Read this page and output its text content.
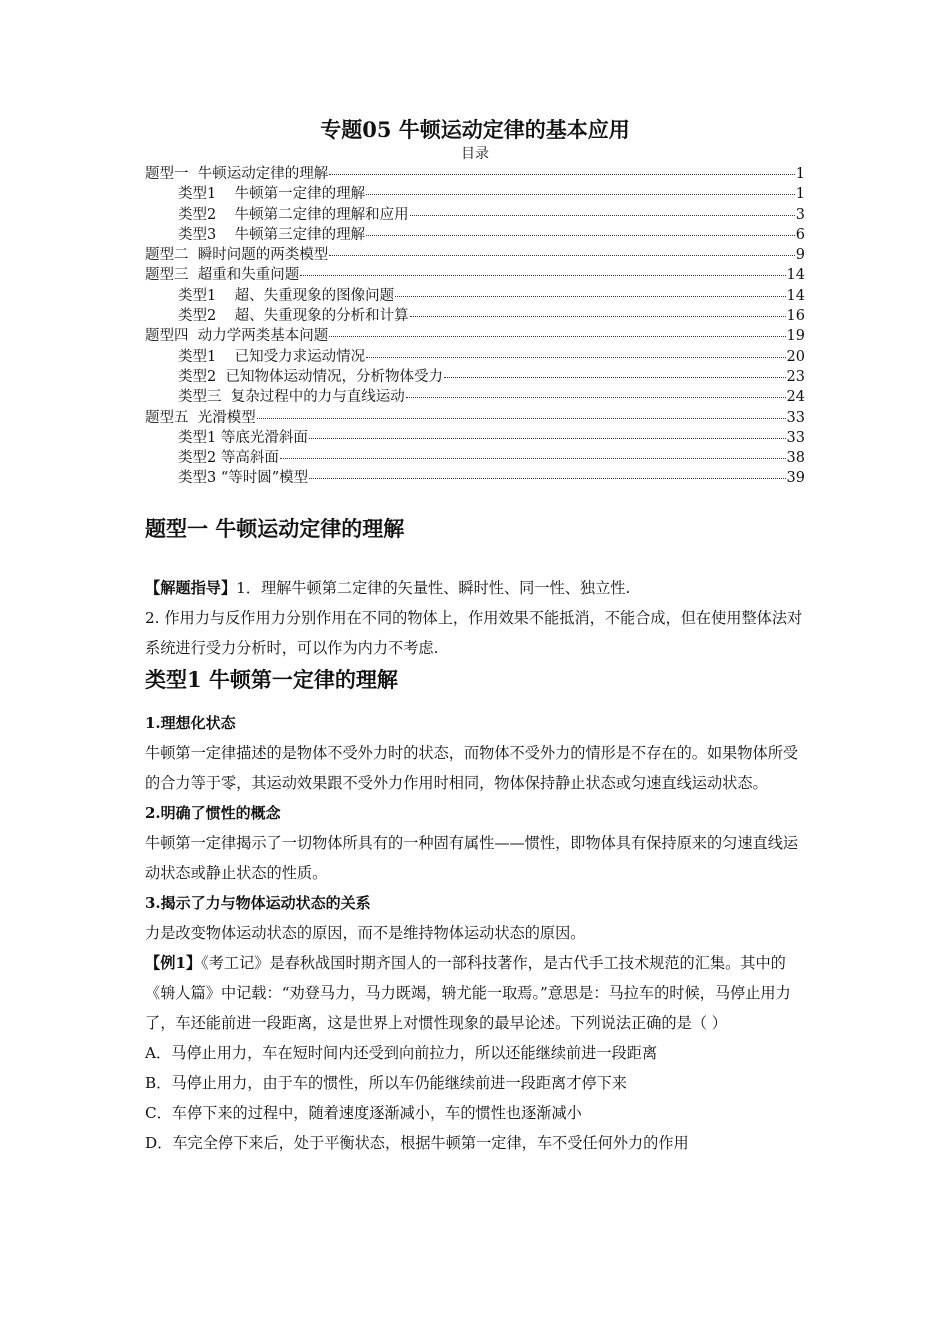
专题05 牛顿运动定律的基本应用
目录
题型一  牛顿运动定律的理解	1
类型1    牛顿第一定律的理解	1
类型2    牛顿第二定律的理解和应用	3
类型3    牛顿第三定律的理解	6
题型二  瞬时问题的两类模型	9
题型三  超重和失重问题	14
类型1    超、失重现象的图像问题	14
类型2    超、失重现象的分析和计算	16
题型四  动力学两类基本问题	19
类型1    已知受力求运动情况	20
类型2  已知物体运动情况，分析物体受力	23
类型三  复杂过程中的力与直线运动	24
题型五  光滑模型	33
类型1 等底光滑斜面	33
类型2 等高斜面	38
类型3 “等时圆”模型	39
题型一 牛顿运动定律的理解

【解题指导】1．理解牛顿第二定律的矢量性、瞬时性、同一性、独立性.

2. 作用力与反作用力分别作用在不同的物体上，作用效果不能抵消，不能合成，但在使用整体法对系统进行受力分析时，可以作为内力不考虑.

类型1 牛顿第一定律的理解

1.理想化状态

牛顿第一定律描述的是物体不受外力时的状态，而物体不受外力的情形是不存在的。如果物体所受的合力等于零，其运动效果跟不受外力作用时相同，物体保持静止状态或匀速直线运动状态。

2.明确了惯性的概念

牛顿第一定律揭示了一切物体所具有的一种固有属性——惯性，即物体具有保持原来的匀速直线运动状态或静止状态的性质。

3.揭示了力与物体运动状态的关系

力是改变物体运动状态的原因，而不是维持物体运动状态的原因。

【例1】《考工记》是春秋战国时期齐国人的一部科技著作，是古代手工技术规范的汇集。其中的《辀人篇》中记载：“劝登马力，马力既竭，辀尤能一取焉。”意思是：马拉车的时候，马停止用力了，车还能前进一段距离，这是世界上对惯性现象的最早论述。下列说法正确的是（ ）

A．马停止用力，车在短时间内还受到向前拉力，所以还能继续前进一段距离

B．马停止用力，由于车的惯性，所以车仍能继续前进一段距离才停下来

C．车停下来的过程中，随着速度逐渐减小，车的惯性也逐渐减小

D．车完全停下来后，处于平衡状态，根据牛顿第一定律，车不受任何外力的作用
